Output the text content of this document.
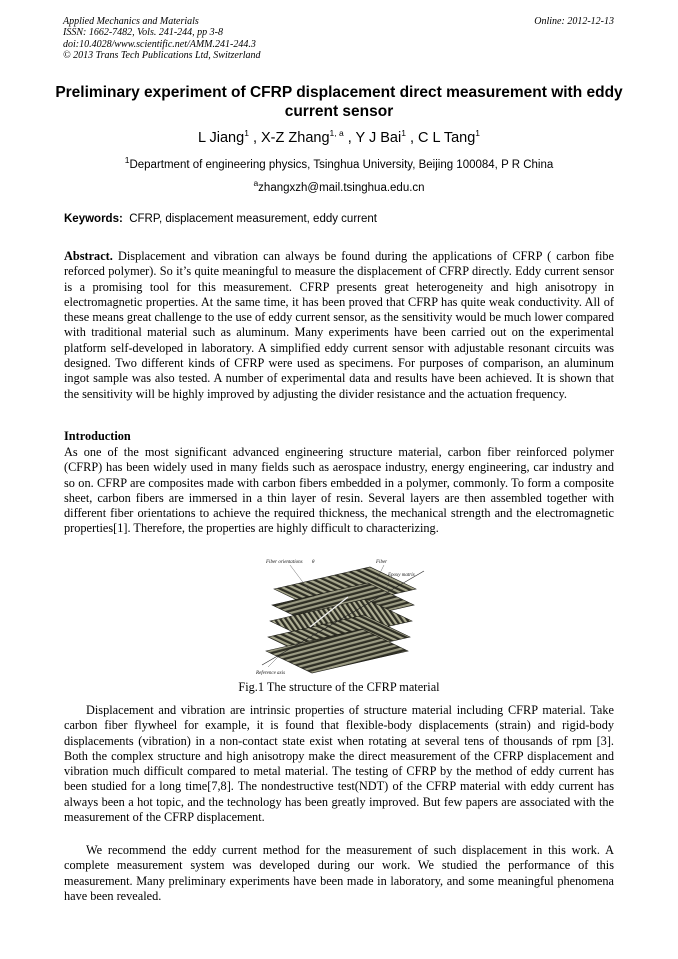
Applied Mechanics and Materials
ISSN: 1662-7482, Vols. 241-244, pp 3-8
doi:10.4028/www.scientific.net/AMM.241-244.3
© 2013 Trans Tech Publications Ltd, Switzerland
Online: 2012-12-13
Preliminary experiment of CFRP displacement direct measurement with eddy current sensor
L Jiang$^1$ , X-Z Zhang$^{1, a}$ , Y J Bai$^1$ , C L Tang$^1$
$^1$Department of engineering physics, Tsinghua University, Beijing 100084, P R China
$^a$zhangxzh@mail.tsinghua.edu.cn
Keywords: CFRP, displacement measurement, eddy current
Abstract. Displacement and vibration can always be found during the applications of CFRP ( carbon fibe reforced polymer). So it’s quite meaningful to measure the displacement of CFRP directly. Eddy current sensor is a promising tool for this measurement. CFRP presents great heterogeneity and high anisotropy in electromagnetic properties. At the same time, it has been proved that CFRP has quite weak conductivity. All of these means great challenge to the use of eddy current sensor, as the sensitivity would be much lower compared with traditional material such as aluminum. Many experiments have been carried out on the experimental platform self-developed in laboratory. A simplified eddy current sensor with adjustable resonant circuits was designed. Two different kinds of CFRP were used as specimens. For purposes of comparison, an aluminum ingot sample was also tested. A number of experimental data and results have been achieved. It is shown that the sensitivity will be highly improved by adjusting the divider resistance and the actuation frequency.
Introduction
As one of the most significant advanced engineering structure material, carbon fiber reinforced polymer (CFRP) has been widely used in many fields such as aerospace industry, energy engineering, car industry and so on. CFRP are composites made with carbon fibers embedded in a polymer, commonly. To form a composite sheet, carbon fibers are immersed in a thin layer of resin. Several layers are then assembled together with different fiber orientations to achieve the required thickness, the mechanical strength and the electromagnetic properties[1]. Therefore, the properties are highly difficult to characterizing.
Fiber orientations θ	Fiber
Epoxy matrix
Reference axis
Fig.1 The structure of the CFRP material
Displacement and vibration are intrinsic properties of structure material including CFRP material. Take carbon fiber flywheel for example, it is found that flexible-body displacements (strain) and rigid-body displacements (vibration) in a non-contact state exist when rotating at several tens of thousands of rpm [3]. Both the complex structure and high anisotropy make the direct measurement of the CFRP displacement and vibration much difficult compared to metal material. The testing of CFRP by the method of eddy current has been studied for a long time[7,8]. The nondestructive test(NDT) of the CFRP material with eddy current has always been a hot topic, and the technology has been greatly improved. But few papers are associated with the measurement of the CFRP displacement.
We recommend the eddy current method for the measurement of such displacement in this work. A complete measurement system was developed during our work. We studied the performance of this measurement. Many preliminary experiments have been made in laboratory, and some meaningful phenomena have been revealed.
